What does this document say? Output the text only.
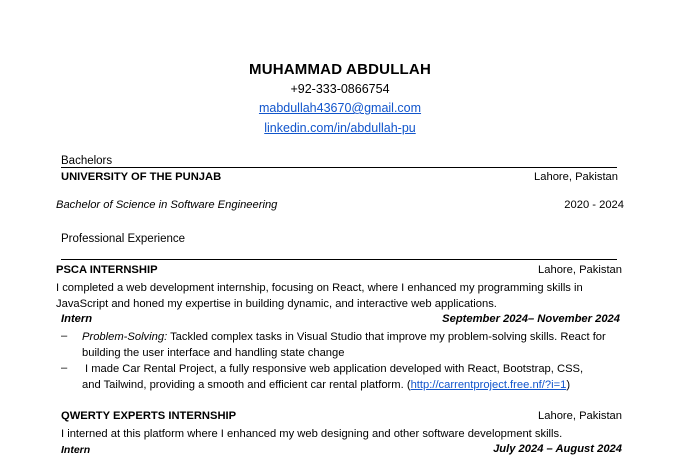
MUHAMMAD ABDULLAH
+92-333-0866754
mabdullah43670@gmail.com
linkedin.com/in/abdullah-pu
Bachelors
UNIVERSITY OF THE PUNJAB	Lahore, Pakistan
Bachelor of Science in Software Engineering	2020 - 2024
Professional Experience
PSCA INTERNSHIP	Lahore, Pakistan
I completed a web development internship, focusing on React, where I enhanced my programming skills in
JavaScript and honed my expertise in building dynamic, and interactive web applications.
Intern	September 2024– November 2024
– Problem-Solving: Tackled complex tasks in Visual Studio that improve my problem-solving skills. React for
building the user interface and handling state change
– I made Car Rental Project, a fully responsive web application developed with React, Bootstrap, CSS,
and Tailwind, providing a smooth and efficient car rental platform. (http://carrentproject.free.nf/?i=1)
QWERTY EXPERTS INTERNSHIP	Lahore, Pakistan
I interned at this platform where I enhanced my web designing and other software development skills.
Intern	July 2024 – August 2024
